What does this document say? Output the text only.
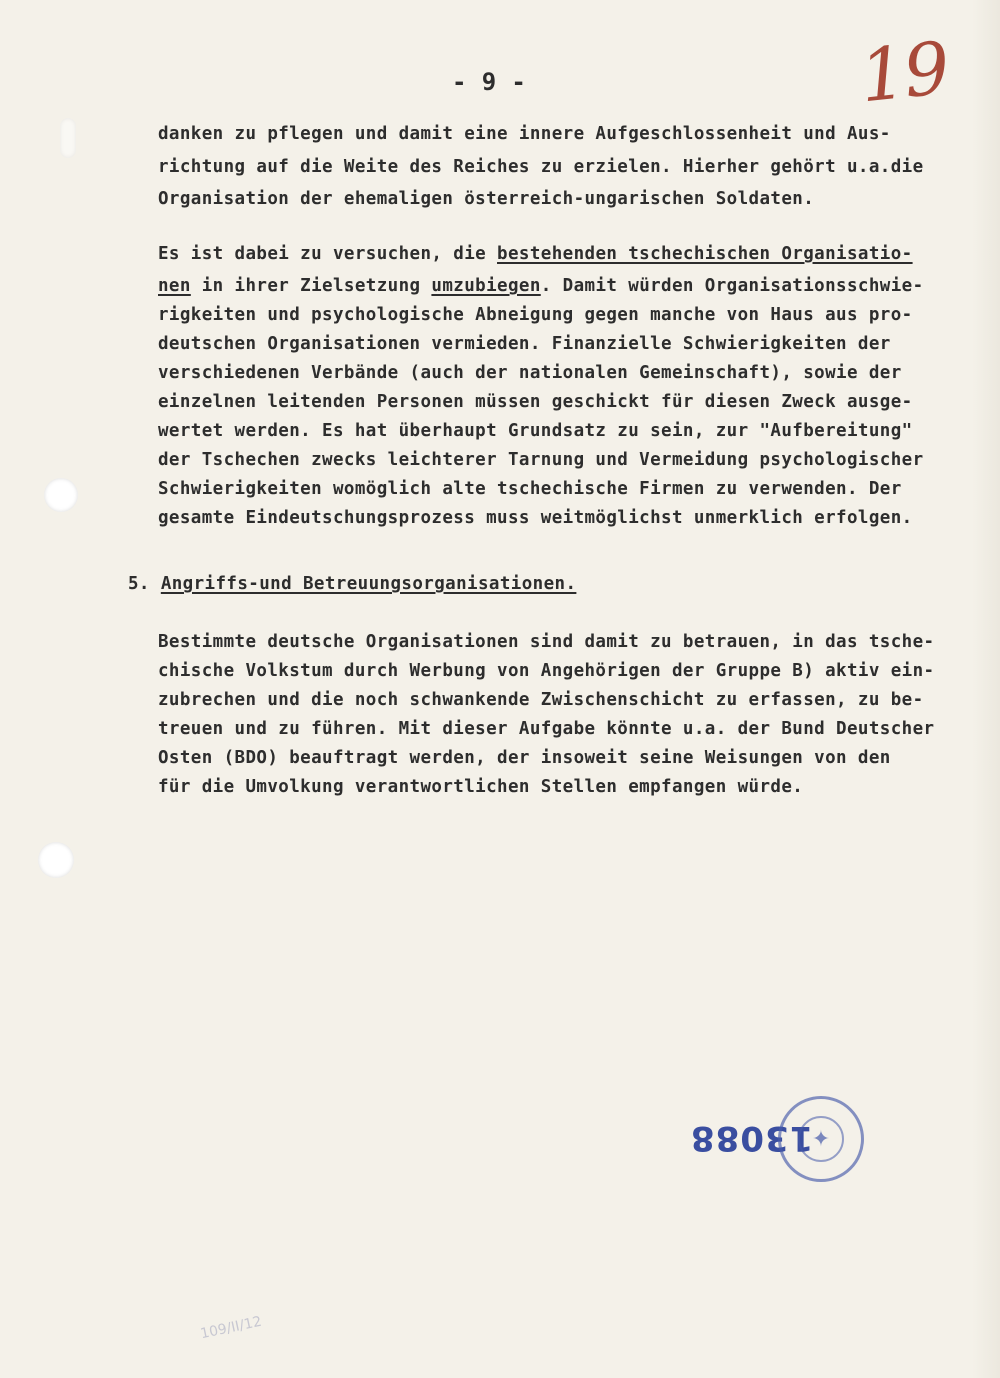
- 9 -	19
danken zu pflegen und damit eine innere Aufgeschlossenheit und Aus-
richtung auf die Weite des Reiches zu erzielen. Hierher gehört u.a.die
Organisation der ehemaligen österreich-ungarischen Soldaten.
Es ist dabei zu versuchen, die bestehenden tschechischen Organisatio-
nen in ihrer Zielsetzung umzubiegen. Damit würden Organisationsschwie-
rigkeiten und psychologische Abneigung gegen manche von Haus aus pro-
deutschen Organisationen vermieden. Finanzielle Schwierigkeiten der
verschiedenen Verbände (auch der nationalen Gemeinschaft), sowie der
einzelnen leitenden Personen müssen geschickt für diesen Zweck ausge-
wertet werden. Es hat überhaupt Grundsatz zu sein, zur "Aufbereitung"
der Tschechen zwecks leichterer Tarnung und Vermeidung psychologischer
Schwierigkeiten womöglich alte tschechische Firmen zu verwenden. Der
gesamte Eindeutschungsprozess muss weitmöglichst unmerklich erfolgen.
5. Angriffs-und Betreuungsorganisationen.
Bestimmte deutsche Organisationen sind damit zu betrauen, in das tsche-
chische Volkstum durch Werbung von Angehörigen der Gruppe B) aktiv ein-
zubrechen und die noch schwankende Zwischenschicht zu erfassen, zu be-
treuen und zu führen. Mit dieser Aufgabe könnte u.a. der Bund Deutscher
Osten (BDO) beauftragt werden, der insoweit seine Weisungen von den
für die Umvolkung verantwortlichen Stellen empfangen würde.
13088
✦
109/II/12
